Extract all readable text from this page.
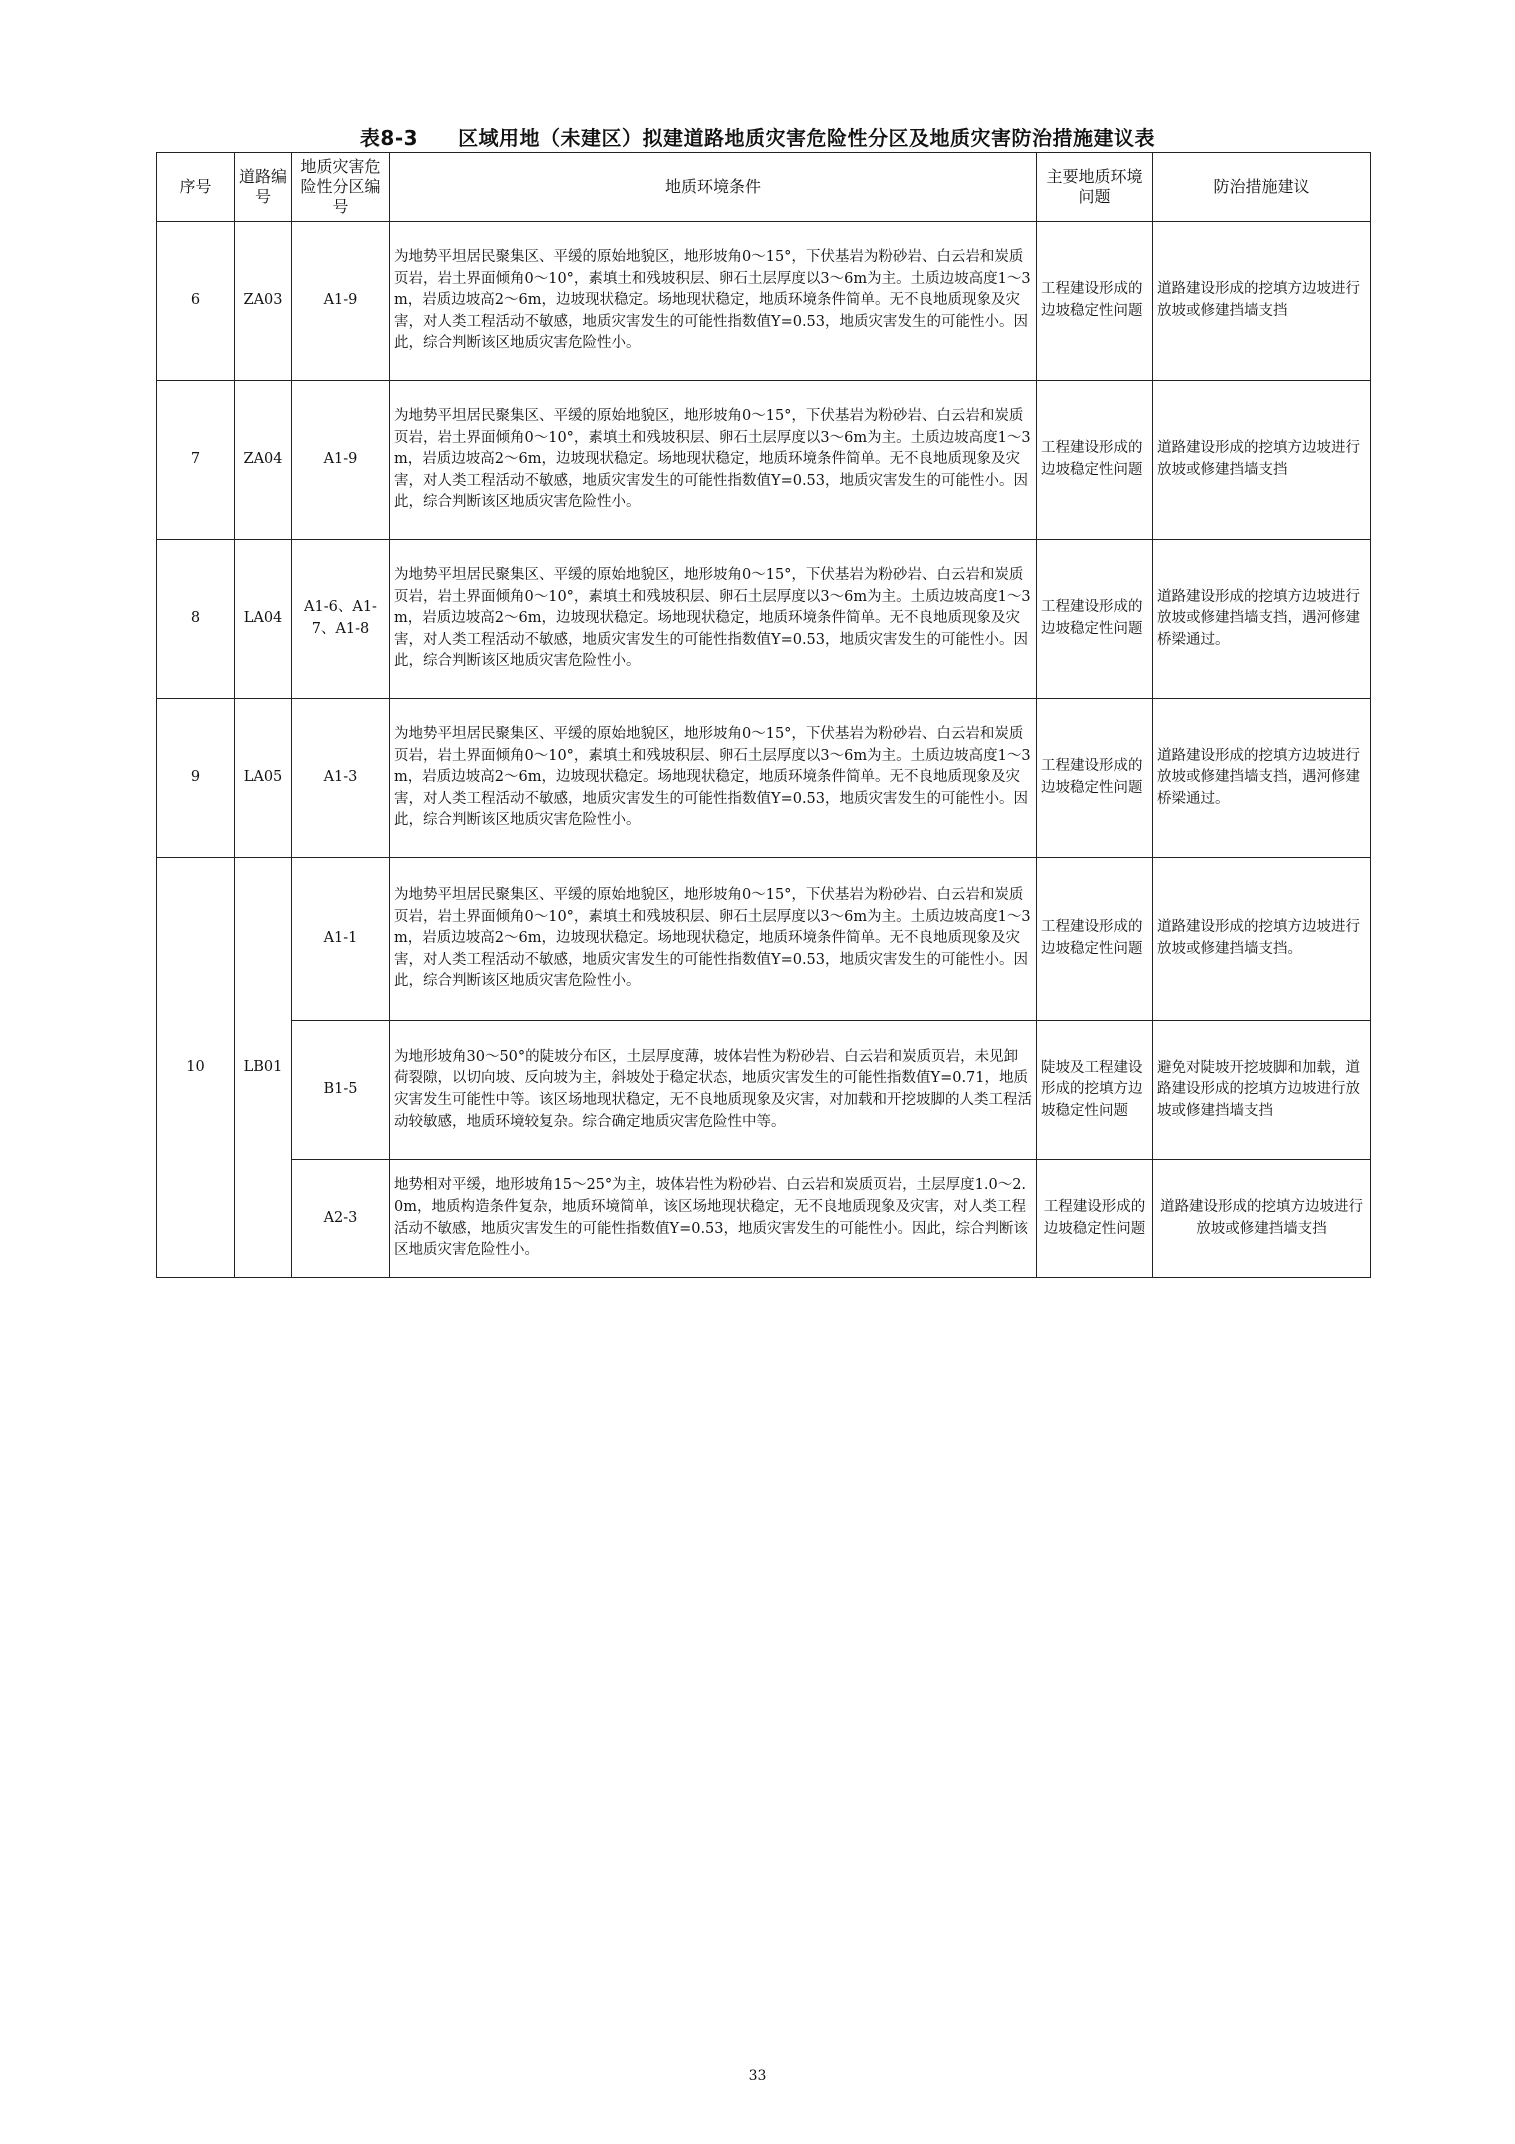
表8-3 区域用地（未建区）拟建道路地质灾害危险性分区及地质灾害防治措施建议表
序号	道路编号	地质灾害危险性分区编号	地质环境条件	主要地质环境问题	防治措施建议
6	ZA03	A1-9	为地势平坦居民聚集区、平缓的原始地貌区，地形坡角0～15°，下伏基岩为粉砂岩、白云岩和炭质页岩，岩土界面倾角0～10°，素填土和残坡积层、卵石土层厚度以3～6m为主。土质边坡高度1～3m，岩质边坡高2～6m，边坡现状稳定。场地现状稳定，地质环境条件简单。无不良地质现象及灾害，对人类工程活动不敏感，地质灾害发生的可能性指数值Y=0.53，地质灾害发生的可能性小。因此，综合判断该区地质灾害危险性小。	工程建设形成的边坡稳定性问题	道路建设形成的挖填方边坡进行放坡或修建挡墙支挡
7	ZA04	A1-9	为地势平坦居民聚集区、平缓的原始地貌区，地形坡角0～15°，下伏基岩为粉砂岩、白云岩和炭质页岩，岩土界面倾角0～10°，素填土和残坡积层、卵石土层厚度以3～6m为主。土质边坡高度1～3m，岩质边坡高2～6m，边坡现状稳定。场地现状稳定，地质环境条件简单。无不良地质现象及灾害，对人类工程活动不敏感，地质灾害发生的可能性指数值Y=0.53，地质灾害发生的可能性小。因此，综合判断该区地质灾害危险性小。	工程建设形成的边坡稳定性问题	道路建设形成的挖填方边坡进行放坡或修建挡墙支挡
8	LA04	A1-6、A1-7、A1-8	为地势平坦居民聚集区、平缓的原始地貌区，地形坡角0～15°，下伏基岩为粉砂岩、白云岩和炭质页岩，岩土界面倾角0～10°，素填土和残坡积层、卵石土层厚度以3～6m为主。土质边坡高度1～3m，岩质边坡高2～6m，边坡现状稳定。场地现状稳定，地质环境条件简单。无不良地质现象及灾害，对人类工程活动不敏感，地质灾害发生的可能性指数值Y=0.53，地质灾害发生的可能性小。因此，综合判断该区地质灾害危险性小。	工程建设形成的边坡稳定性问题	道路建设形成的挖填方边坡进行放坡或修建挡墙支挡，遇河修建桥梁通过。
9	LA05	A1-3	为地势平坦居民聚集区、平缓的原始地貌区，地形坡角0～15°，下伏基岩为粉砂岩、白云岩和炭质页岩，岩土界面倾角0～10°，素填土和残坡积层、卵石土层厚度以3～6m为主。土质边坡高度1～3m，岩质边坡高2～6m，边坡现状稳定。场地现状稳定，地质环境条件简单。无不良地质现象及灾害，对人类工程活动不敏感，地质灾害发生的可能性指数值Y=0.53，地质灾害发生的可能性小。因此，综合判断该区地质灾害危险性小。	工程建设形成的边坡稳定性问题	道路建设形成的挖填方边坡进行放坡或修建挡墙支挡，遇河修建桥梁通过。
10	LB01	A1-1	为地势平坦居民聚集区、平缓的原始地貌区，地形坡角0～15°，下伏基岩为粉砂岩、白云岩和炭质页岩，岩土界面倾角0～10°，素填土和残坡积层、卵石土层厚度以3～6m为主。土质边坡高度1～3m，岩质边坡高2～6m，边坡现状稳定。场地现状稳定，地质环境条件简单。无不良地质现象及灾害，对人类工程活动不敏感，地质灾害发生的可能性指数值Y=0.53，地质灾害发生的可能性小。因此，综合判断该区地质灾害危险性小。	工程建设形成的边坡稳定性问题	道路建设形成的挖填方边坡进行放坡或修建挡墙支挡。
		B1-5	为地形坡角30～50°的陡坡分布区，土层厚度薄，坡体岩性为粉砂岩、白云岩和炭质页岩，未见卸荷裂隙，以切向坡、反向坡为主，斜坡处于稳定状态，地质灾害发生的可能性指数值Y=0.71，地质灾害发生可能性中等。该区场地现状稳定，无不良地质现象及灾害，对加载和开挖坡脚的人类工程活动较敏感，地质环境较复杂。综合确定地质灾害危险性中等。	陡坡及工程建设形成的挖填方边坡稳定性问题	避免对陡坡开挖坡脚和加载，道路建设形成的挖填方边坡进行放坡或修建挡墙支挡
		A2-3	地势相对平缓，地形坡角15～25°为主，坡体岩性为粉砂岩、白云岩和炭质页岩，土层厚度1.0～2.0m，地质构造条件复杂，地质环境简单，该区场地现状稳定，无不良地质现象及灾害，对人类工程活动不敏感，地质灾害发生的可能性指数值Y=0.53，地质灾害发生的可能性小。因此，综合判断该区地质灾害危险性小。	工程建设形成的边坡稳定性问题	道路建设形成的挖填方边坡进行放坡或修建挡墙支挡
33
